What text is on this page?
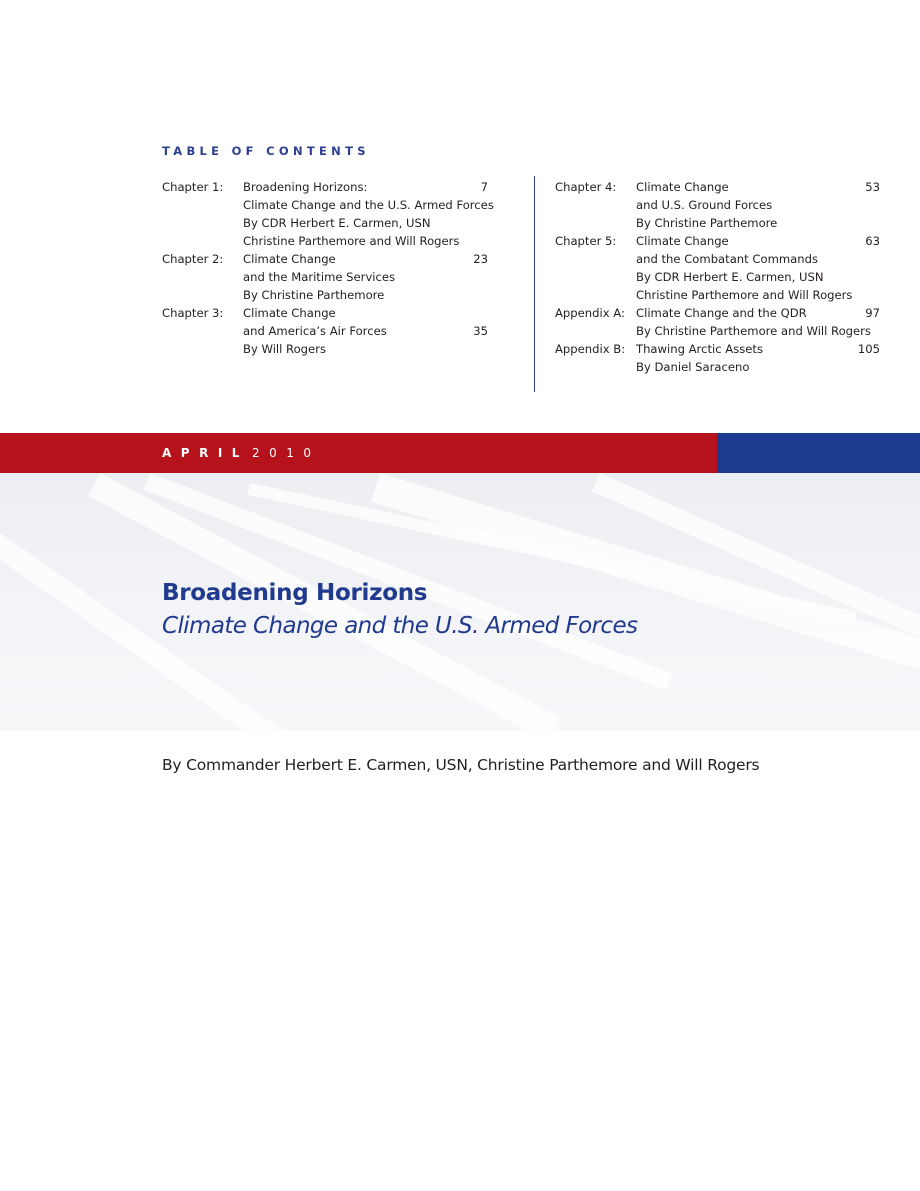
TABLE OF CONTENTS
Chapter 1: Broadening Horizons:
Climate Change and the U.S. Armed Forces
By CDR Herbert E. Carmen, USN
Christine Parthemore and Will Rogers
7
Chapter 2: Climate Change
and the Maritime Services
By Christine Parthemore
23
Chapter 3: Climate Change
and America’s Air Forces
By Will Rogers
35
Chapter 4: Climate Change
and U.S. Ground Forces
By Christine Parthemore
53
Chapter 5: Climate Change
and the Combatant Commands
By CDR Herbert E. Carmen, USN
Christine Parthemore and Will Rogers
63
Appendix A: Climate Change and the QDR
By Christine Parthemore and Will Rogers
97
Appendix B: Thawing Arctic Assets
By Daniel Saraceno
105
APRIL 2010
Broadening Horizons
Climate Change and the U.S. Armed Forces
By Commander Herbert E. Carmen, USN, Christine Parthemore and Will Rogers
